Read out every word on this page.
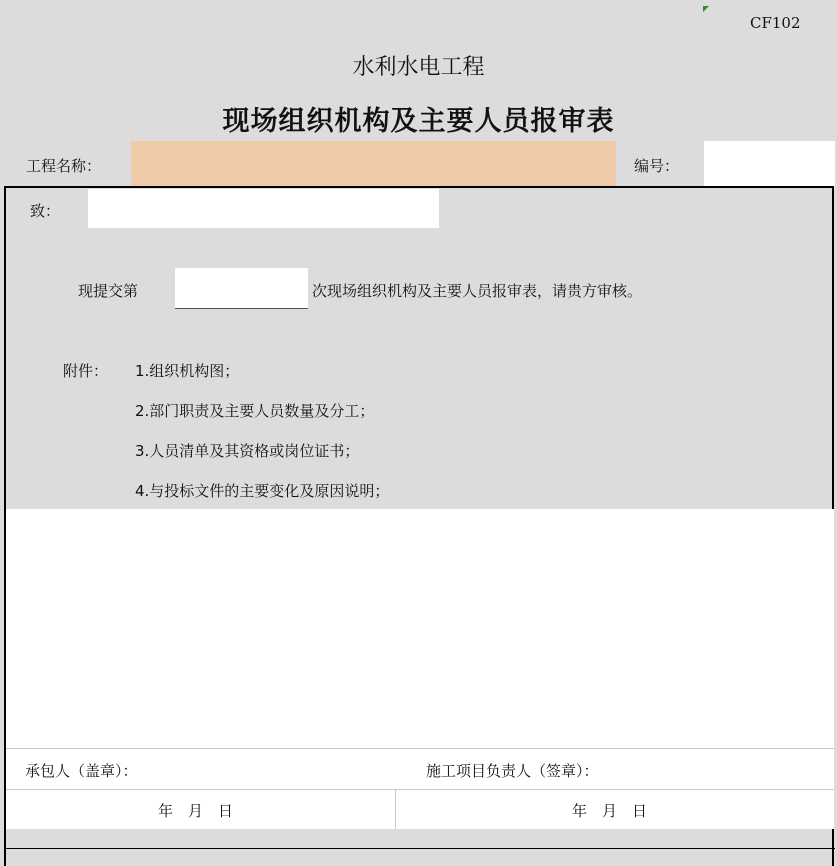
CF102
水利水电工程
现场组织机构及主要人员报审表
工程名称：	编号：
致：
现提交第	次现场组织机构及主要人员报审表，请贵方审核。
附件： 1.组织机构图；
2.部门职责及主要人员数量及分工；
3.人员清单及其资格或岗位证书；
4.与投标文件的主要变化及原因说明；
承包人（盖章）：	施工项目负责人（签章）：
年　月　日	年　月　日
